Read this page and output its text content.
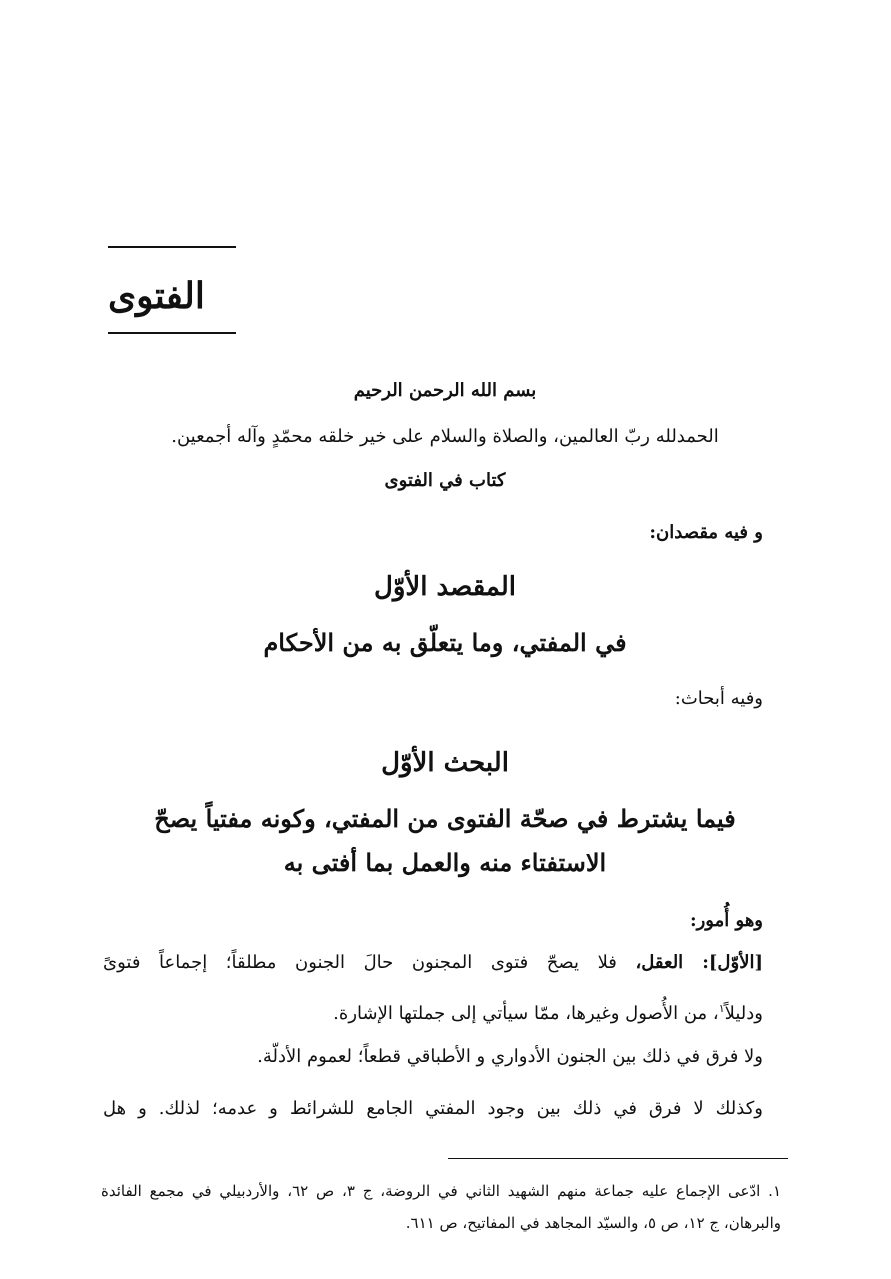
الفتوى
بسم الله الرحمن الرحيم
الحمدلله ربّ العالمين، والصلاة والسلام على خير خلقه محمّدٍ وآله أجمعين.
كتاب في الفتوى
و فيه مقصدان:
المقصد الأوّل
في المفتي، وما يتعلّق به من الأحكام
وفيه أبحاث:
البحث الأوّل
فيما يشترط في صحّة الفتوى من المفتي، وكونه مفتياً يصحّ
الاستفتاء منه والعمل بما أفتى به
وهو أُمور:
[الأوّل]: العقل، فلا يصحّ فتوى المجنون حالَ الجنون مطلقاً؛ إجماعاً فتوىً
ودليلاً$^١$، من الأُصول وغيرها، ممّا سيأتي إلى جملتها الإشارة.
ولا فرق في ذلك بين الجنون الأدواري و الأطباقي قطعاً؛ لعموم الأدلّة.
وكذلك لا فرق في ذلك بين وجود المفتي الجامع للشرائط و عدمه؛ لذلك. و هل
١. ادّعى الإجماع عليه جماعة منهم الشهيد الثاني في الروضة، ج ٣، ص ٦٢، والأردبيلي في مجمع الفائدة
والبرهان، ج ١٢، ص ٥، والسيّد المجاهد في المفاتيح، ص ٦١١.
